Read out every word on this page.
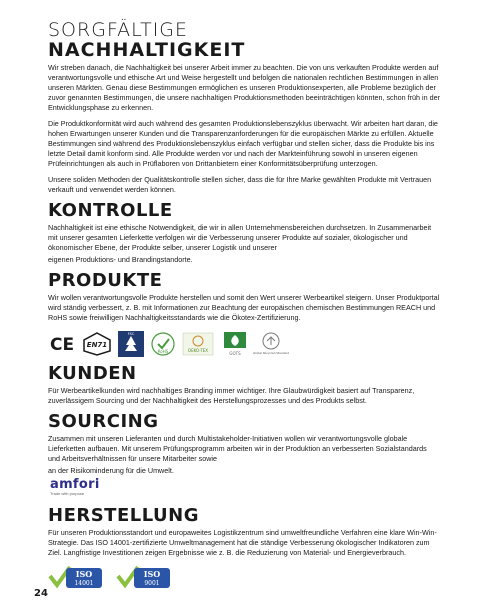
SORGFÄLTIGE
NACHHALTIGKEIT

Wir streben danach, die Nachhaltigkeit bei unserer Arbeit immer zu beachten. Die von uns verkauften Produkte werden auf verantwortungsvolle und ethische Art und Weise hergestellt und befolgen die nationalen rechtlichen Bestimmungen in allen unseren Märkten. Genau diese Bestimmungen ermöglichen es unseren Produktionsexperten, alle Probleme bezüglich der zuvor genannten Bestimmungen, die unsere nachhaltigen Produktionsmethoden beeinträchtigen könnten, schon früh in der Entwicklungsphase zu erkennen.

Die Produktkonformität wird auch während des gesamten Produktionslebenszyklus überwacht. Wir arbeiten hart daran, die hohen Erwartungen unserer Kunden und die Transparenzanforderungen für die europäischen Märkte zu erfüllen. Aktuelle Bestimmungen sind während des Produktionslebenszyklus einfach verfügbar und stellen sicher, dass die Produkte bis ins letzte Detail damit konform sind. Alle Produkte werden vor und nach der Markteinführung sowohl in unseren eigenen Prüfeinrichtungen als auch in Prüflaboren von Drittanbietern einer Konformitätsüberprüfung unterzogen.

Unsere soliden Methoden der Qualitätskontrolle stellen sicher, dass die für Ihre Marke gewählten Produkte mit Vertrauen verkauft und verwendet werden können.

KONTROLLE

Nachhaltigkeit ist eine ethische Notwendigkeit, die wir in allen Unternehmensbereichen durchsetzen. In Zusammenarbeit mit unserer gesamten Lieferkette verfolgen wir die Verbesserung unserer Produkte auf sozialer, ökologischer und ökonomischer Ebene, der Produkte selber, unserer Logistik und unserer

eigenen Produktions- und Brandingstandorte.

PRODUKTE

Wir wollen verantwortungsvolle Produkte herstellen und somit den Wert unserer Werbeartikel steigern. Unser Produktportal wird ständig verbessert, z. B. mit Informationen zur Beachtung der europäischen chemischen Bestimmungen REACH und RoHS sowie freiwilligen Nachhaltigkeitsstandards wie die Ökotex-Zertifizierung.

CE EN71
FSC
RoHS	OEKO-TEX
GOTS	Global Recycled Standard
KUNDEN

Für Werbeartikelkunden wird nachhaltiges Branding immer wichtiger. Ihre Glaubwürdigkeit basiert auf Transparenz, zuverlässigem Sourcing und der Nachhaltigkeit des Herstellungsprozesses und des Produkts selbst.

SOURCING

Zusammen mit unseren Lieferanten und durch Multistakeholder-Initiativen wollen wir verantwortungsvolle globale Lieferketten aufbauen. Mit unserem Prüfungsprogramm arbeiten wir in der Produktion an verbesserten Sozialstandards und Arbeitsverhältnissen für unsere Mitarbeiter sowie

an der Risikominderung für die Umwelt.

amfori
Trade with purpose
HERSTELLUNG

Für unseren Produktionsstandort und europaweites Logistikzentrum sind umweltfreundliche Verfahren eine klare Win-Win-Strategie. Das ISO 14001-zertifizierte Umweltmanagement hat die ständige Verbesserung ökologischer Indikatoren zum Ziel. Langfristige Investitionen zeigen Ergebnisse wie z. B. die Reduzierung von Material- und Energieverbrauch.

ISO
14001
ISO
9001
24
